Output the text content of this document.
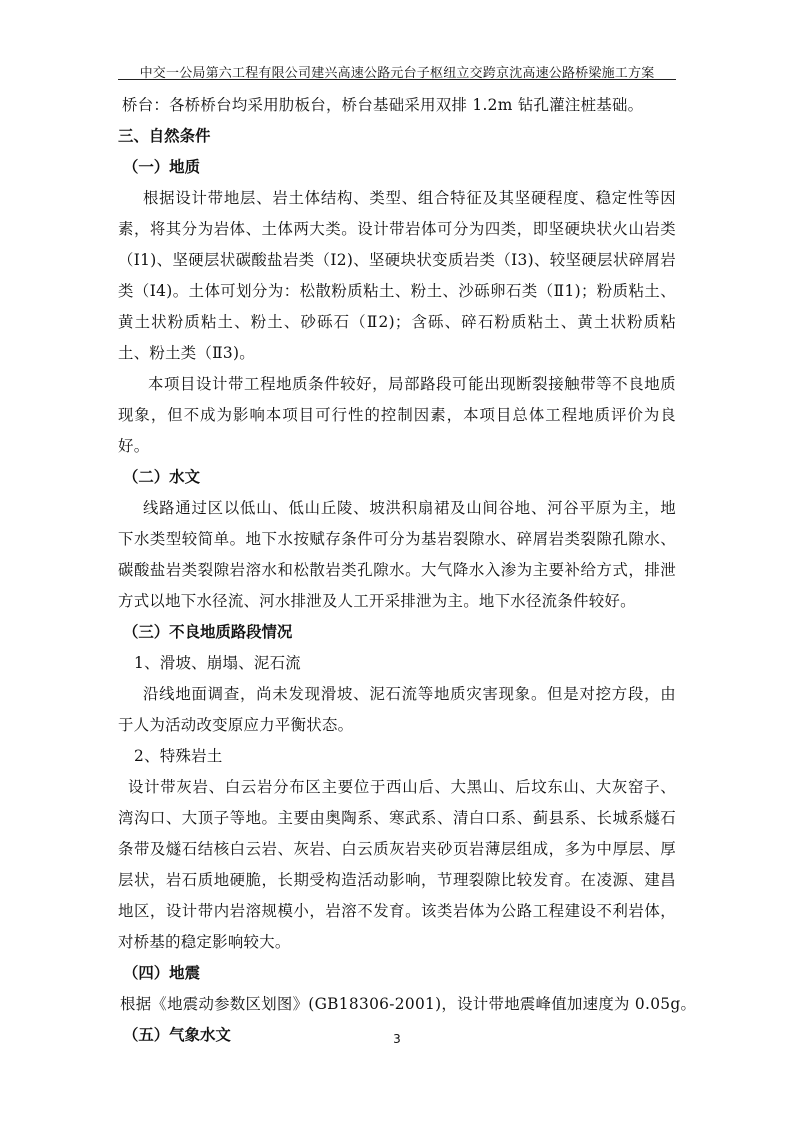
中交一公局第六工程有限公司建兴高速公路元台子枢纽立交跨京沈高速公路桥梁施工方案

桥台：各桥桥台均采用肋板台，桥台基础采用双排 1.2m 钻孔灌注桩基础。

三、自然条件

（一）地质

根据设计带地层、岩土体结构、类型、组合特征及其坚硬程度、稳定性等因素，将其分为岩体、土体两大类。设计带岩体可分为四类，即坚硬块状火山岩类（I1)、坚硬层状碳酸盐岩类（I2)、坚硬块状变质岩类（I3)、较坚硬层状碎屑岩类（I4)。土体可划分为：松散粉质粘土、粉土、沙砾卵石类（Ⅱ1)；粉质粘土、黄土状粉质粘土、粉土、砂砾石（Ⅱ2)；含砾、碎石粉质粘土、黄土状粉质粘土、粉土类（Ⅱ3)。

本项目设计带工程地质条件较好，局部路段可能出现断裂接触带等不良地质现象，但不成为影响本项目可行性的控制因素，本项目总体工程地质评价为良好。

（二）水文

线路通过区以低山、低山丘陵、坡洪积扇裙及山间谷地、河谷平原为主，地下水类型较简单。地下水按赋存条件可分为基岩裂隙水、碎屑岩类裂隙孔隙水、碳酸盐岩类裂隙岩溶水和松散岩类孔隙水。大气降水入渗为主要补给方式，排泄方式以地下水径流、河水排泄及人工开采排泄为主。地下水径流条件较好。

（三）不良地质路段情况

1、滑坡、崩塌、泥石流

沿线地面调查，尚未发现滑坡、泥石流等地质灾害现象。但是对挖方段，由于人为活动改变原应力平衡状态。

2、特殊岩土

设计带灰岩、白云岩分布区主要位于西山后、大黑山、后坟东山、大灰窑子、湾沟口、大顶子等地。主要由奥陶系、寒武系、清白口系、蓟县系、长城系燧石条带及燧石结核白云岩、灰岩、白云质灰岩夹砂页岩薄层组成，多为中厚层、厚层状，岩石质地硬脆，长期受构造活动影响，节理裂隙比较发育。在凌源、建昌地区，设计带内岩溶规模小，岩溶不发育。该类岩体为公路工程建设不利岩体，对桥基的稳定影响较大。

（四）地震

根据《地震动参数区划图》(GB18306-2001)，设计带地震峰值加速度为 0.05g。

（五）气象水文	3
